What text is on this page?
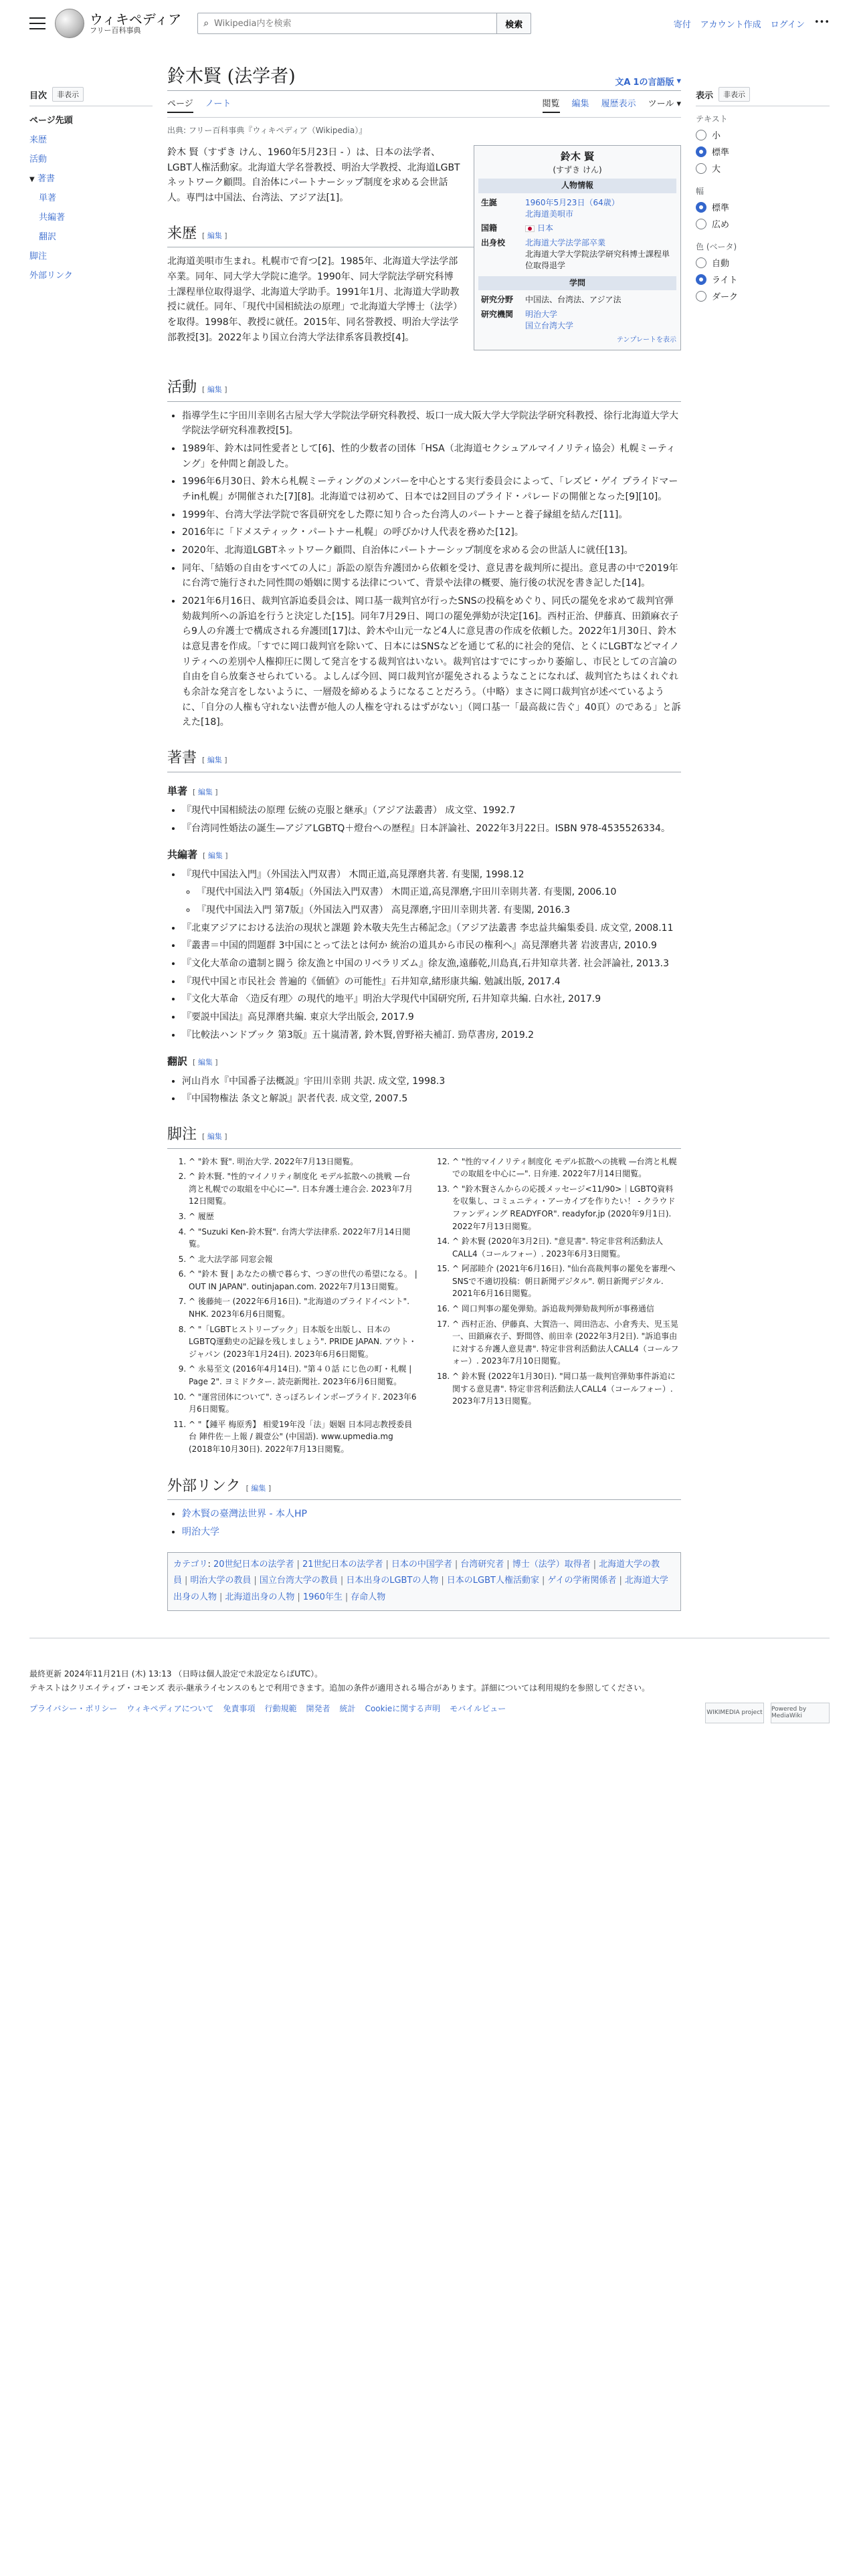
ウィキペディア
フリー百科事典
⌕
Wikipedia内を検索	検索	寄付 アカウント作成 ログイン •••
目次	非表示
ページ先頭
来歴
活動
▼ 著書
単著
共編著
翻訳
脚注
外部リンク
鈴木賢 (法学者)	文A 1の言語版 ▾
ページ ノート	閲覧 編集 履歴表示 ツール ▾
出典: フリー百科事典『ウィキペディア（Wikipedia）』
鈴木 賢
(すずき けん)
人物情報
生誕	1960年5月23日（64歳）
北海道美唄市
国籍	日本
出身校	北海道大学法学部卒業
北海道大学大学院法学研究科博士課程単位取得退学
学問
研究分野	中国法、台湾法、アジア法
研究機関	明治大学
国立台湾大学
テンプレートを表示

鈴木 賢（すずき けん、1960年5月23日 - ）は、日本の法学者、LGBT人権活動家。北海道大学名誉教授、明治大学教授、北海道LGBTネットワーク顧問。自治体にパートナーシップ制度を求める会世話人。専門は中国法、台湾法、アジア法[1]。

来歴 [ 編集 ]

北海道美唄市生まれ。札幌市で育つ[2]。1985年、北海道大学法学部卒業。同年、同大学大学院に進学。1990年、同大学院法学研究科博士課程単位取得退学、北海道大学助手。1991年1月、北海道大学助教授に就任。同年、「現代中国相続法の原理」で北海道大学博士（法学）を取得。1998年、教授に就任。2015年、同名誉教授、明治大学法学部教授[3]。2022年より国立台湾大学法律系客員教授[4]。

活動 [ 編集 ]
• 指導学生に宇田川幸則名古屋大学大学院法学研究科教授、坂口一成大阪大学大学院法学研究科教授、徐行北海道大学大学院法学研究科准教授[5]。
• 1989年、鈴木は同性愛者として[6]、性的少数者の団体「HSA（北海道セクシュアルマイノリティ協会）札幌ミーティング」を仲間と創設した。
• 1996年6月30日、鈴木ら札幌ミーティングのメンバーを中心とする実行委員会によって、「レズビ・ゲイ プライドマーチin札幌」が開催された[7][8]。北海道では初めて、日本では2回目のプライド・パレードの開催となった[9][10]。
• 1999年、台湾大学法学院で客員研究をした際に知り合った台湾人のパートナーと養子縁組を結んだ[11]。
• 2016年に「ドメスティック・パートナー札幌」の呼びかけ人代表を務めた[12]。
• 2020年、北海道LGBTネットワーク顧問、自治体にパートナーシップ制度を求める会の世話人に就任[13]。
• 同年、「結婚の自由をすべての人に」訴訟の原告弁護団から依頼を受け、意見書を裁判所に提出。意見書の中で2019年に台湾で施行された同性間の婚姻に関する法律について、背景や法律の概要、施行後の状況を書き記した[14]。
• 2021年6月16日、裁判官訴追委員会は、岡口基一裁判官が行ったSNSの投稿をめぐり、同氏の罷免を求めて裁判官弾劾裁判所への訴追を行うと決定した[15]。同年7月29日、岡口の罷免弾劾が決定[16]。西村正治、伊藤真、田鎖麻衣子ら9人の弁護士で構成される弁護団[17]は、鈴木や山元一など4人に意見書の作成を依頼した。2022年1月30日、鈴木は意見書を作成。「すでに岡口裁判官を除いて、日本にはSNSなどを通じて私的に社会的発信、とくにLGBTなどマイノリティへの差別や人権抑圧に関して発言をする裁判官はいない。裁判官はすでにすっかり萎縮し、市民としての言論の自由を自ら放棄させられている。よしんば今回、岡口裁判官が罷免されるようなことになれば、裁判官たちはくれぐれも余計な発言をしないように、一層殻を締めるようになることだろう。（中略）まさに岡口裁判官が述べているように、「自分の人権も守れない法曹が他人の人権を守れるはずがない」（岡口基一「最高裁に告ぐ」40頁）のである」と訴えた[18]。
著書 [ 編集 ]
単著 [ 編集 ]
• 『現代中国相続法の原理 伝統の克服と継承』（アジア法叢書） 成文堂、1992.7
• 『台湾同性婚法の誕生—アジアLGBTQ＋燈台への歴程』日本評論社、2022年3月22日。ISBN 978-4535526334。
共編著 [ 編集 ]
• 『現代中国法入門』（外国法入門双書） 木間正道,高見澤磨共著. 有斐閣, 1998.12
◦ 『現代中国法入門 第4版』（外国法入門双書） 木間正道,高見澤磨,宇田川幸則共著. 有斐閣, 2006.10
◦ 『現代中国法入門 第7版』（外国法入門双書） 高見澤磨,宇田川幸則共著. 有斐閣, 2016.3
• 『北東アジアにおける法治の現状と課題 鈴木敬夫先生古稀記念』（アジア法叢書 李忠益共編集委員. 成文堂, 2008.11
• 『叢書＝中国的問題群 3中国にとって法とは何か 統治の道具から市民の権利へ』高見澤磨共著 岩波書店, 2010.9
• 『文化大革命の遺制と闘う 徐友漁と中国のリベラリズム』徐友漁,遠藤乾,川島真,石井知章共著. 社会評論社, 2013.3
• 『現代中国と市民社会 普遍的《価値》の可能性』石井知章,緒形康共編. 勉誠出版, 2017.4
• 『文化大革命 〈造反有理〉の現代的地平』明治大学現代中国研究所, 石井知章共編. 白水社, 2017.9
• 『要説中国法』高見澤磨共編. 東京大学出版会, 2017.9
• 『比較法ハンドブック 第3版』五十嵐清著, 鈴木賢,曽野裕夫補訂. 勁草書房, 2019.2
翻訳 [ 編集 ]
• 河山肖水『中国番子法概説』宇田川幸則 共訳. 成文堂, 1998.3
• 『中国物権法 条文と解説』訳者代表. 成文堂, 2007.5
脚注 [ 編集 ]
1. ^ "鈴木 賢". 明治大学. 2022年7月13日閲覧。
2. ^ 鈴木賢. "性的マイノリティ制度化 モデル拡散への挑戦 —台湾と札幌での取組を中心に—". 日本弁護士連合会. 2023年7月12日閲覧。
3. ^ 履歴
4. ^ "Suzuki Ken-鈴木賢". 台湾大学法律系. 2022年7月14日閲覧。
5. ^ 北大法学部 同窓会報
6. ^ "鈴木 賢 | あなたの横で暮らす、つぎの世代の希望になる。 | OUT IN JAPAN". outinjapan.com. 2022年7月13日閲覧。
7. ^ 後藤純一 (2022年6月16日). "北海道のプライドイベント". NHK. 2023年6月6日閲覧。
8. ^ "「LGBTヒストリーブック」日本版を出版し、日本のLGBTQ運動史の記録を残しましょう". PRIDE JAPAN. アウト・ジャパン (2023年1月24日). 2023年6月6日閲覧。
9. ^ 永易至文 (2016年4月14日). "第４０話 にじ色の町・札幌 | Page 2". ヨミドクター. 読売新聞社. 2023年6月6日閲覧。
10. ^ "運営団体について". さっぽろレインボープライド. 2023年6月6日閲覧。
11. ^ "【鍾平 梅原秀】 相愛19年没「法」姻姻 日本同志教授委員台 陣件佐－上報 / 親壹公" (中国語). www.upmedia.mg (2018年10月30日). 2022年7月13日閲覧。
12. ^ "性的マイノリティ制度化 モデル拡散への挑戦 —台湾と札幌での取組を中心に—". 日弁連. 2022年7月14日閲覧。
13. ^ "鈴木賢さんからの応援メッセージ<11/90>｜LGBTQ資料を収集し、コミュニティ・アーカイブを作りたい！ - クラウドファンディング READYFOR". readyfor.jp (2020年9月1日). 2022年7月13日閲覧。
14. ^ 鈴木賢 (2020年3月2日). "意見書". 特定非営利活動法人CALL4（コールフォー）. 2023年6月3日閲覧。
15. ^ 阿部睦介 (2021年6月16日). "仙台高裁判事の罷免を審理へ SNSで不適切投稿：朝日新聞デジタル". 朝日新聞デジタル. 2021年6月16日閲覧。
16. ^ 岡口判事の罷免弾劾。訴追裁判弾劾裁判所が事務通信
17. ^ 西村正治、伊藤真、大賀浩一、岡田浩志、小倉秀夫、児玉晃一、田鎖麻衣子、野間啓、前田幸 (2022年3月2日). "訴追事由に対する弁護人意見書". 特定非営利活動法人CALL4（コールフォー）. 2023年7月10日閲覧。
18. ^ 鈴木賢 (2022年1月30日). "岡口基一裁判官弾劾事件訴追に関する意見書". 特定非営利活動法人CALL4（コールフォー）. 2023年7月13日閲覧。
外部リンク [ 編集 ]
• 鈴木賢の臺灣法世界 - 本人HP
• 明治大学
カテゴリ: 20世紀日本の法学者 | 21世紀日本の法学者 | 日本の中国学者 | 台湾研究者 | 博士（法学）取得者 | 北海道大学の教員 | 明治大学の教員 | 国立台湾大学の教員 | 日本出身のLGBTの人物 | 日本のLGBT人権活動家 | ゲイの学術関係者 | 北海道大学出身の人物 | 北海道出身の人物 | 1960年生 | 存命人物
表示	非表示
テキスト
小
標準
大
幅
標準
広め
色 (ベータ)
自動
ライト
ダーク

最終更新 2024年11月21日 (木) 13:13 （日時は個人設定で未設定ならばUTC）。

テキストはクリエイティブ・コモンズ 表示-継承ライセンスのもとで利用できます。追加の条件が適用される場合があります。詳細については利用規約を参照してください。

プライバシー・ポリシー ウィキペディアについて 免責事項 行動規範 開発者 統計 Cookieに関する声明 モバイルビュー	WIKIMEDIA project Powered by MediaWiki
